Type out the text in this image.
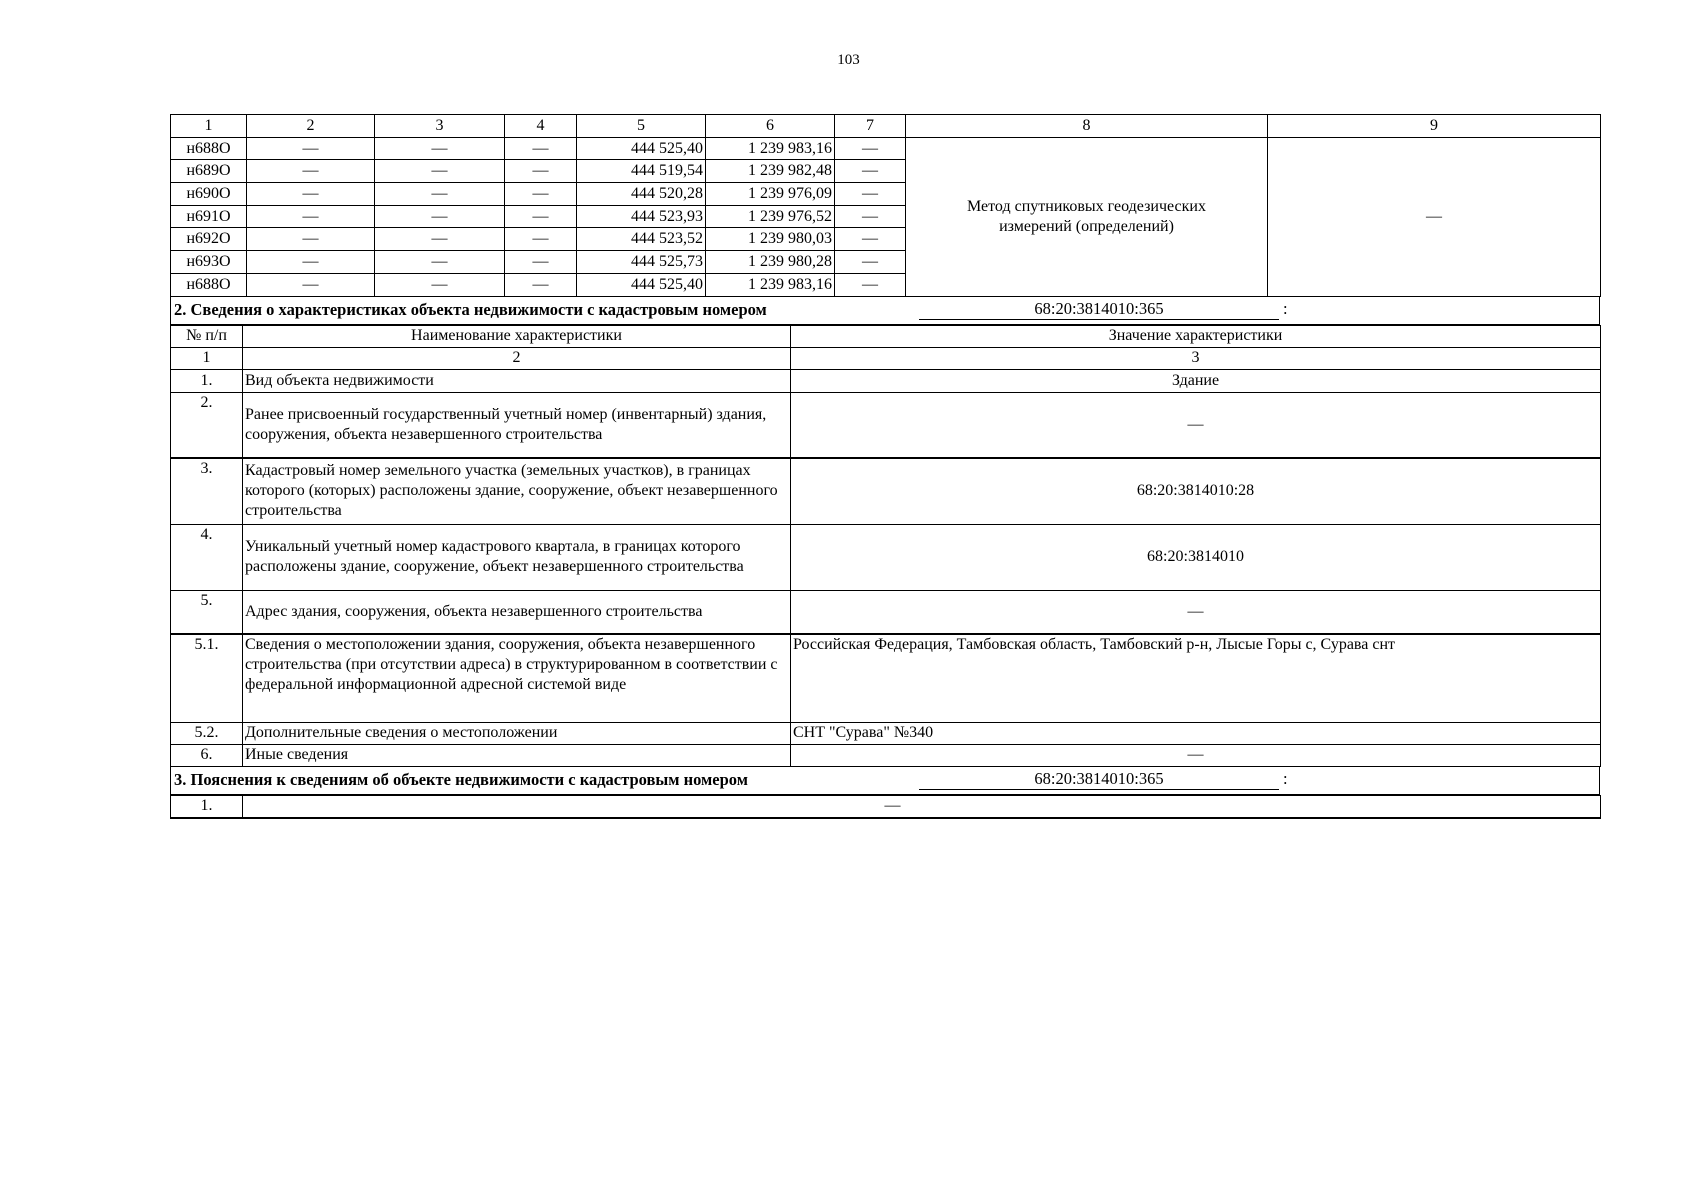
103
1	2	3	4	5	6	7	8	9
н688О	—	—	—	444 525,40	1 239 983,16	—	Метод спутниковых геодезических измерений (определений)	—
н689О	—	—	—	444 519,54	1 239 982,48	—		
н690О	—	—	—	444 520,28	1 239 976,09	—		
н691О	—	—	—	444 523,93	1 239 976,52	—		
н692О	—	—	—	444 523,52	1 239 980,03	—		
н693О	—	—	—	444 525,73	1 239 980,28	—		
н688О	—	—	—	444 525,40	1 239 983,16	—		
2. Сведения о характеристиках объекта недвижимости с кадастровым номером	68:20:3814010:365	:
№ п/п	Наименование характеристики	Значение характеристики
1	2	3
1.	Вид объекта недвижимости	Здание
2.	Ранее присвоенный государственный учетный номер (инвентарный) здания, сооружения, объекта незавершенного строительства	—
3.	Кадастровый номер земельного участка (земельных участков), в границах которого (которых) расположены здание, сооружение, объект незавершенного строительства	68:20:3814010:28
4.	Уникальный учетный номер кадастрового квартала, в границах которого расположены здание, сооружение, объект незавершенного строительства	68:20:3814010
5.	Адрес здания, сооружения, объекта незавершенного строительства	—
5.1.	Сведения о местоположении здания, сооружения, объекта незавершенного строительства (при отсутствии адреса) в структурированном в соответствии с федеральной информационной адресной системой виде	Российская Федерация, Тамбовская область, Тамбовский р-н, Лысые Горы с, Сурава снт
5.2.	Дополнительные сведения о местоположении	СНТ "Сурава" №340
6.	Иные сведения	—
3. Пояснения к сведениям об объекте недвижимости с кадастровым номером	68:20:3814010:365	:
1.	—
